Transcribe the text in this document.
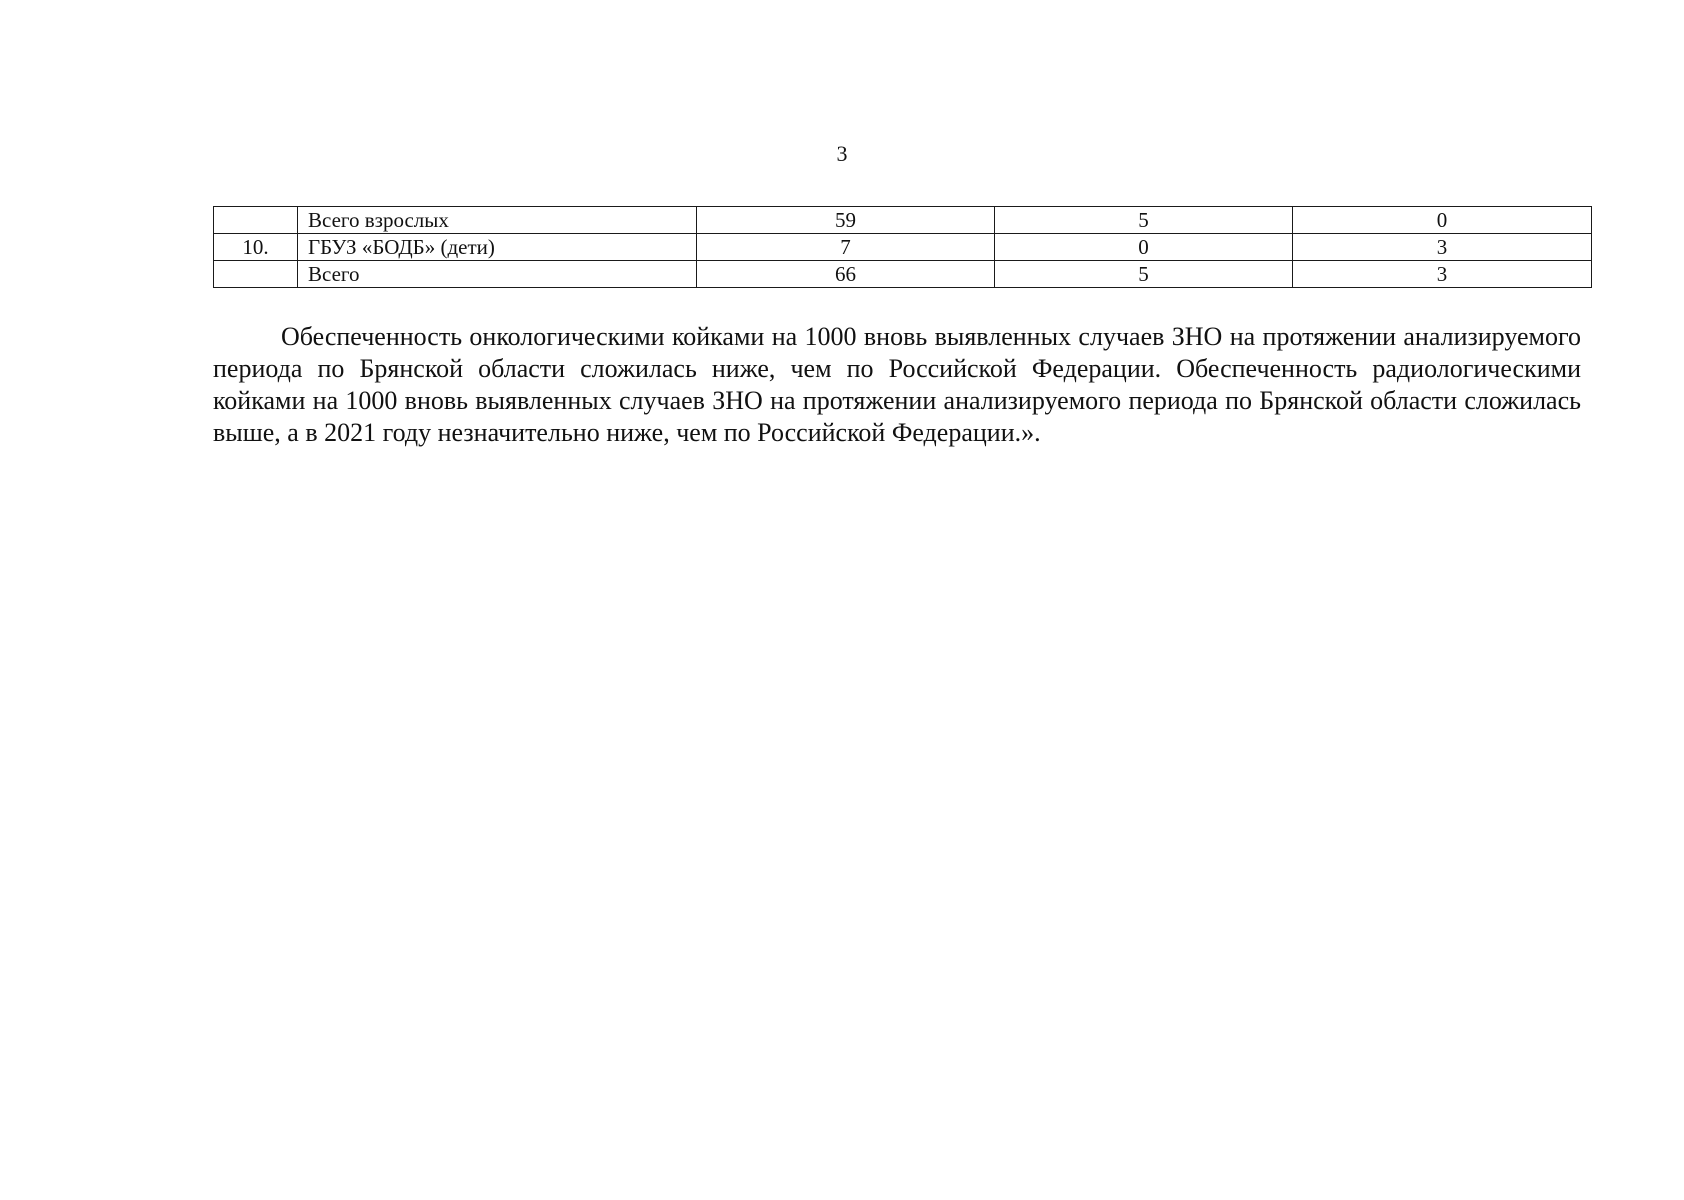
3
	Всего взрослых	59	5	0
10.	ГБУЗ «БОДБ» (дети)	7	0	3
	Всего	66	5	3

Обеспеченность онкологическими койками на 1000 вновь выявленных случаев ЗНО на протяжении анализируемого периода по Брянской области сложилась ниже, чем по Российской Федерации. Обеспеченность радиологическими койками на 1000 вновь выявленных случаев ЗНО на протяжении анализируемого периода по Брянской области сложилась выше, а в 2021 году незначительно ниже, чем по Российской Федерации.».
